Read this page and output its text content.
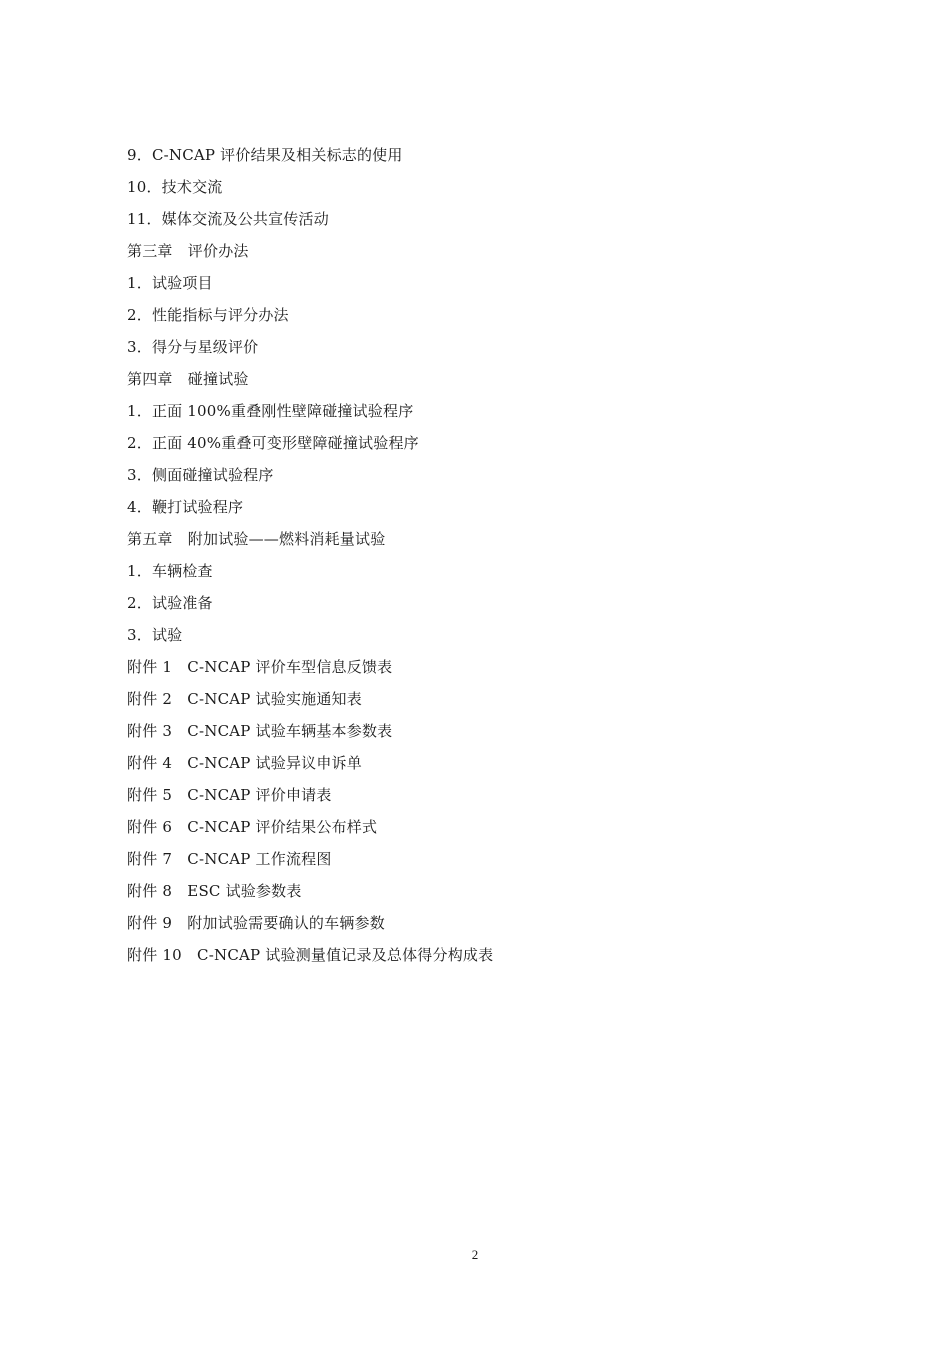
9．C-NCAP 评价结果及相关标志的使用
10．技术交流
11．媒体交流及公共宣传活动
第三章　评价办法
1．试验项目
2．性能指标与评分办法
3．得分与星级评价
第四章　碰撞试验
1．正面 100%重叠刚性壁障碰撞试验程序
2．正面 40%重叠可变形壁障碰撞试验程序
3．侧面碰撞试验程序
4．鞭打试验程序
第五章　附加试验——燃料消耗量试验
1．车辆检查
2．试验准备
3．试验
附件 1　C-NCAP 评价车型信息反馈表
附件 2　C-NCAP 试验实施通知表
附件 3　C-NCAP 试验车辆基本参数表
附件 4　C-NCAP 试验异议申诉单
附件 5　C-NCAP 评价申请表
附件 6　C-NCAP 评价结果公布样式
附件 7　C-NCAP 工作流程图
附件 8　ESC 试验参数表
附件 9　附加试验需要确认的车辆参数
附件 10　C-NCAP 试验测量值记录及总体得分构成表
2
